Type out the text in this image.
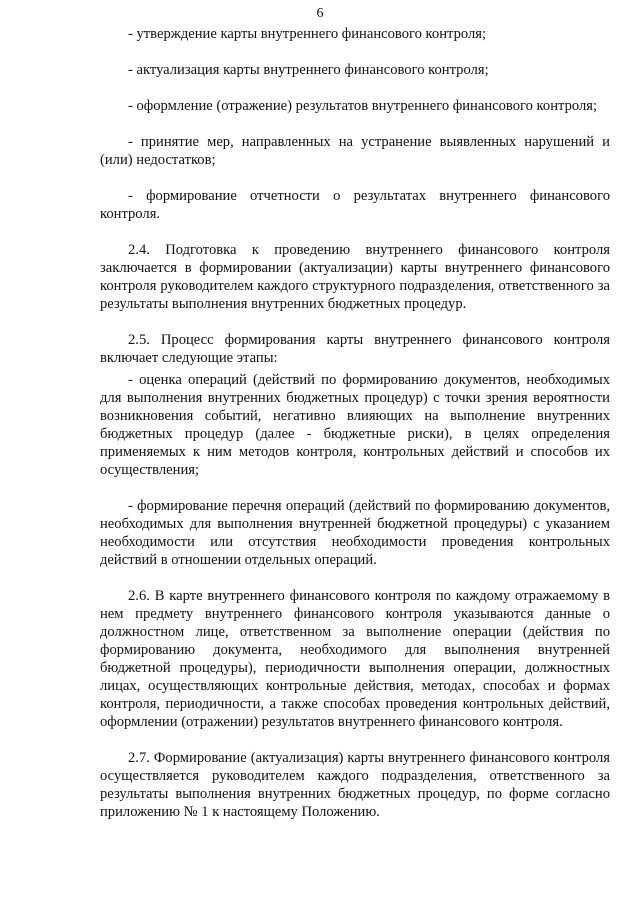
6

- утверждение карты внутреннего финансового контроля;

- актуализация карты внутреннего финансового контроля;

- оформление (отражение) результатов внутреннего финансового контроля;

- принятие мер, направленных на устранение выявленных нарушений и (или) недостатков;

- формирование отчетности о результатах внутреннего финансового контроля.

2.4. Подготовка к проведению внутреннего финансового контроля заключается в формировании (актуализации) карты внутреннего финансового контроля руководителем каждого структурного подразделения, ответственного за результаты выполнения внутренних бюджетных процедур.

2.5. Процесс формирования карты внутреннего финансового контроля включает следующие этапы:

- оценка операций (действий по формированию документов, необходимых для выполнения внутренних бюджетных процедур) с точки зрения вероятности возникновения событий, негативно влияющих на выполнение внутренних бюджетных процедур (далее - бюджетные риски), в целях определения применяемых к ним методов контроля, контрольных действий и способов их осуществления;

- формирование перечня операций (действий по формированию документов, необходимых для выполнения внутренней бюджетной процедуры) с указанием необходимости или отсутствия необходимости проведения контрольных действий в отношении отдельных операций.

2.6. В карте внутреннего финансового контроля по каждому отражаемому в нем предмету внутреннего финансового контроля указываются данные о должностном лице, ответственном за выполнение операции (действия по формированию документа, необходимого для выполнения внутренней бюджетной процедуры), периодичности выполнения операции, должностных лицах, осуществляющих контрольные действия, методах, способах и формах контроля, периодичности, а также способах проведения контрольных действий, оформлении (отражении) результатов внутреннего финансового контроля.

2.7. Формирование (актуализация) карты внутреннего финансового контроля осуществляется руководителем каждого подразделения, ответственного за результаты выполнения внутренних бюджетных процедур, по форме согласно приложению № 1 к настоящему Положению.
